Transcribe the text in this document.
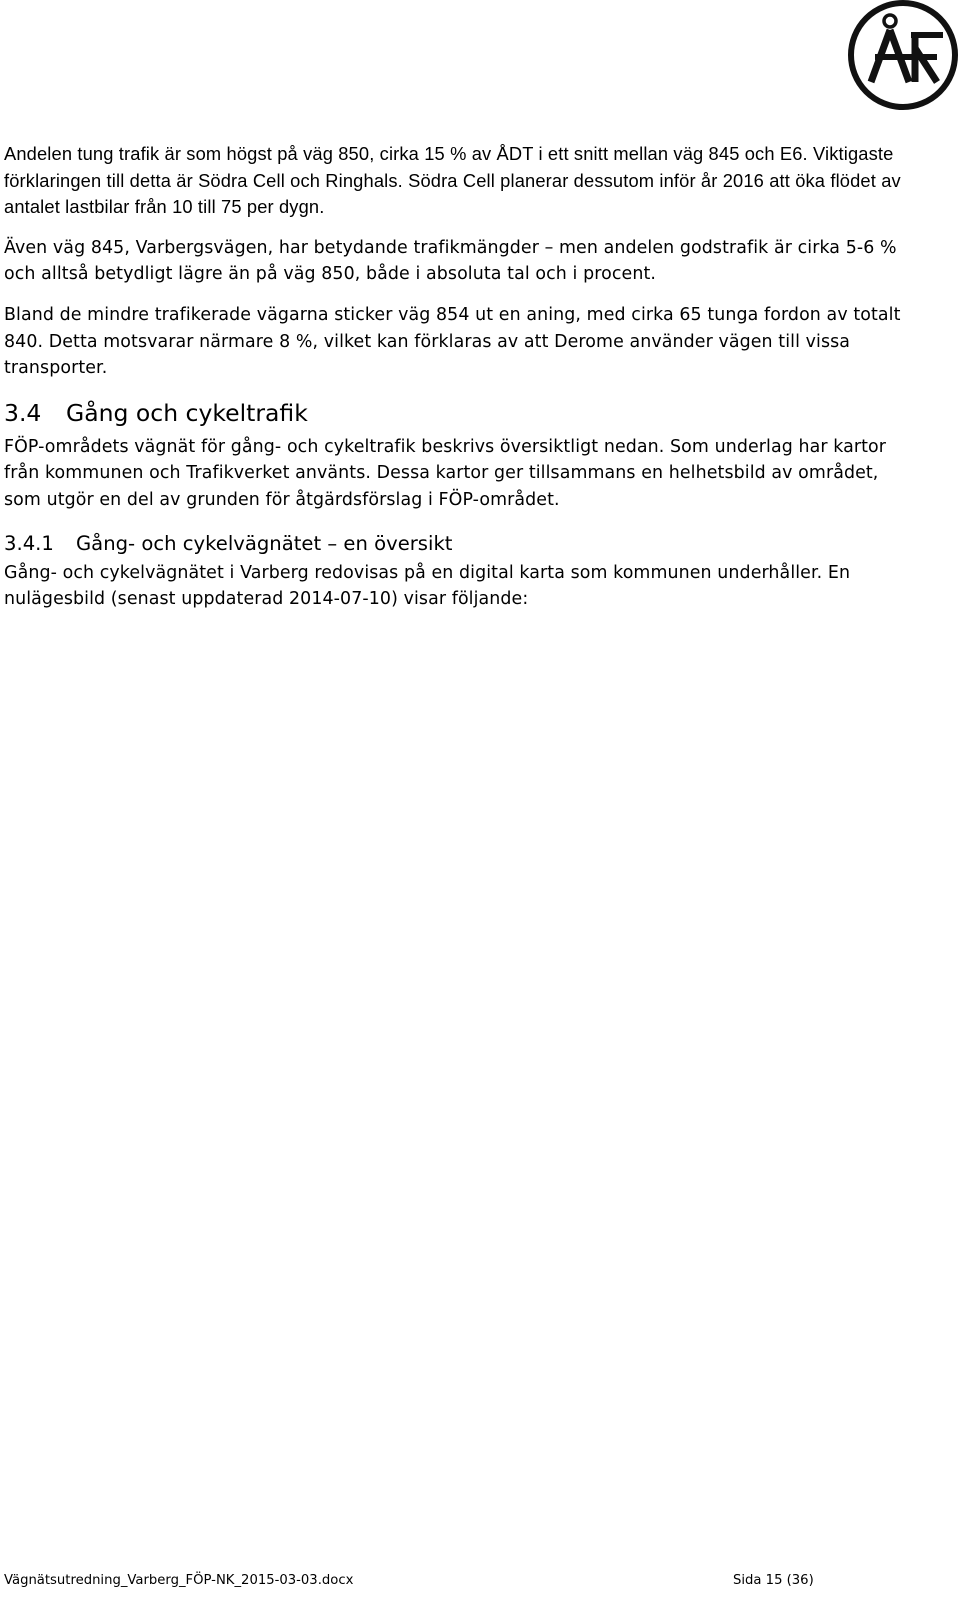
Andelen tung trafik är som högst på väg 850, cirka 15 % av ÅDT i ett snitt mellan väg 845 och E6. Viktigaste förklaringen till detta är Södra Cell och Ringhals. Södra Cell planerar dessutom inför år 2016 att öka flödet av antalet lastbilar från 10 till 75 per dygn.

Även väg 845, Varbergsvägen, har betydande trafikmängder – men andelen godstrafik är cirka 5-6 % och alltså betydligt lägre än på väg 850, både i absoluta tal och i procent.

Bland de mindre trafikerade vägarna sticker väg 854 ut en aning, med cirka 65 tunga fordon av totalt 840. Detta motsvarar närmare 8 %, vilket kan förklaras av att Derome använder vägen till vissa transporter.

3.4 Gång och cykeltrafik

FÖP-områdets vägnät för gång- och cykeltrafik beskrivs översiktligt nedan. Som underlag har kartor från kommunen och Trafikverket använts. Dessa kartor ger tillsammans en helhetsbild av området, som utgör en del av grunden för åtgärdsförslag i FÖP-området.

3.4.1 Gång- och cykelvägnätet – en översikt

Gång- och cykelvägnätet i Varberg redovisas på en digital karta som kommunen underhåller. En nulägesbild (senast uppdaterad 2014-07-10) visar följande:

Vägnätsutredning_Varberg_FÖP-NK_2015-03-03.docx	Sida 15 (36)
